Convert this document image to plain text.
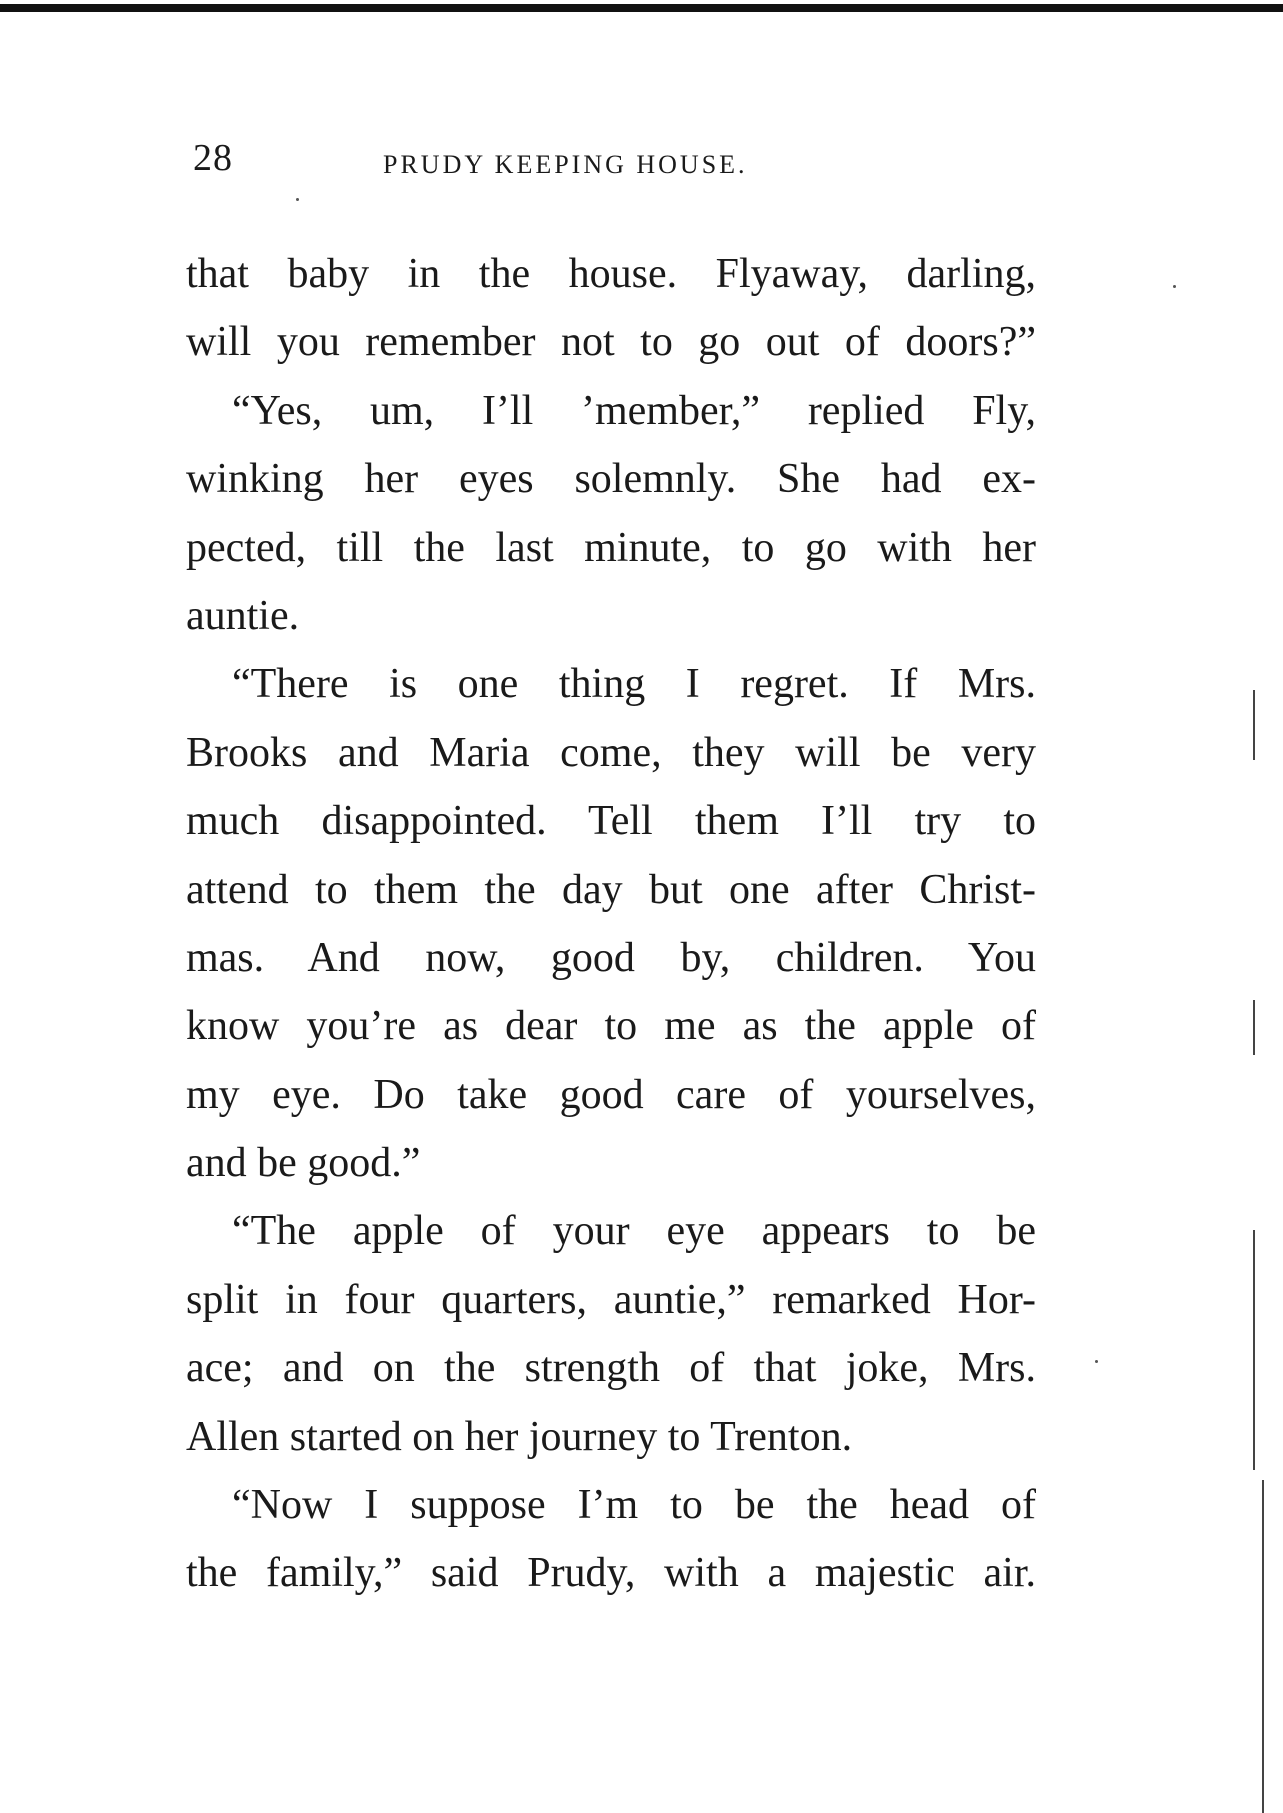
28	PRUDY KEEPING HOUSE.
that baby in the house. Flyaway, darling,
will you remember not to go out of doors?”
“Yes, um, I’ll ’member,” replied Fly,
winking her eyes solemnly. She had ex-
pected, till the last minute, to go with her
auntie.
“There is one thing I regret. If Mrs.
Brooks and Maria come, they will be very
much disappointed. Tell them I’ll try to
attend to them the day but one after Christ-
mas. And now, good by, children. You
know you’re as dear to me as the apple of
my eye. Do take good care of yourselves,
and be good.”
“The apple of your eye appears to be
split in four quarters, auntie,” remarked Hor-
ace; and on the strength of that joke, Mrs.
Allen started on her journey to Trenton.
“Now I suppose I’m to be the head of
the family,” said Prudy, with a majestic air.
